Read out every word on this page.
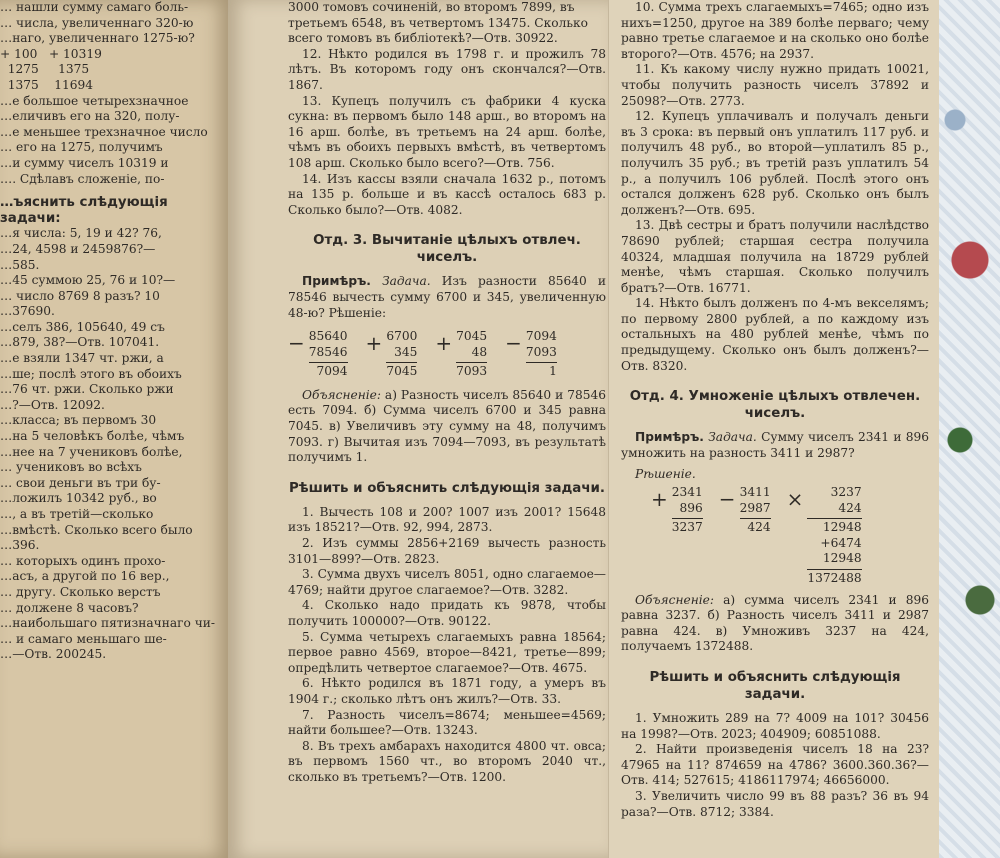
… нашли сумму самаго боль-
… числа, увеличеннаго 320-ю
…наго, увеличеннаго 1275-ю?
+ 100   + 10319
1275     1375
1375    11694
…е большое четырехзначное
…еличивъ его на 320, полу-
…е меньшее трехзначное число
… его на 1275, получимъ
…и сумму чиселъ 10319 и
…. Сдѣлавъ сложеніе, по-
…ъяснить слѣдующія
задачи:
…я числа: 5, 19 и 42? 76,
…24, 4598 и 2459876?—
…585.
…45 суммою 25, 76 и 10?—
… число 8769 8 разъ? 10
…37690.
…селъ 386, 105640, 49 съ
…879, 38?—Отв. 107041.
…е взяли 1347 чт. ржи, а
…ше; послѣ этого въ обоихъ
…76 чт. ржи. Сколько ржи
…?—Отв. 12092.
…класса; въ первомъ 30
…на 5 человѣкъ болѣе, чѣмъ
…нее на 7 учениковъ болѣе,
… учениковъ во всѣхъ
… свои деньги въ три бу-
…ложилъ 10342 руб., во
…, а въ третій—сколько
…вмѣстѣ. Сколько всего было
…396.
… которыхъ одинъ прохо-
…асъ, а другой по 16 вер.,
… другу. Сколько верстъ
… должене 8 часовъ?
…наибольшаго пятизначнаго чи-
… и самаго меньшаго ше-
…—Отв. 200245.

3000 томовъ сочиненій, во второмъ 7899, въ

третьемъ 6548, въ четвертомъ 13475. Сколько

всего томовъ въ библіотекѣ?—Отв. 30922.

12. Нѣкто родился въ 1798 г. и прожилъ 78 лѣтъ. Въ которомъ году онъ скончался?—Отв. 1867.

13. Купецъ получилъ съ фабрики 4 куска сукна: въ первомъ было 148 арш., во второмъ на 16 арш. болѣе, въ третьемъ на 24 арш. болѣе, чѣмъ въ обоихъ первыхъ вмѣстѣ, въ четвертомъ 108 арш. Сколько было всего?—Отв. 756.

14. Изъ кассы взяли сначала 1632 р., потомъ на 135 р. больше и въ кассѣ осталось 683 р. Сколько было?—Отв. 4082.

Отд. 3. Вычитаніе цѣлыхъ отвлеч. чиселъ.

Примѣръ. Задача. Изъ разности 85640 и 78546 вычесть сумму 6700 и 345, увеличенную 48-ю? Рѣшеніе:

− 85640
78546
7094
+ 6700
345
7045
+ 7045
48
7093
− 7094
7093
1

Объясненіе: а) Разность чиселъ 85640 и 78546 есть 7094. б) Сумма чиселъ 6700 и 345 равна 7045. в) Увеличивъ эту сумму на 48, получимъ 7093. г) Вычитая изъ 7094—7093, въ результатѣ получимъ 1.

Рѣшить и объяснить слѣдующія задачи.

1. Вычесть 108 и 200? 1007 изъ 2001? 15648 изъ 18521?—Отв. 92, 994, 2873.

2. Изъ суммы 2856+2169 вычесть разность 3101—899?—Отв. 2823.

3. Сумма двухъ чиселъ 8051, одно слагаемое—4769; найти другое слагаемое?—Отв. 3282.

4. Сколько надо придать къ 9878, чтобы получить 100000?—Отв. 90122.

5. Сумма четырехъ слагаемыхъ равна 18564; первое равно 4569, второе—8421, третье—899; опредѣлить четвертое слагаемое?—Отв. 4675.

6. Нѣкто родился въ 1871 году, а умеръ въ 1904 г.; сколько лѣтъ онъ жилъ?—Отв. 33.

7. Разность чиселъ=8674; меньшее=4569; найти большее?—Отв. 13243.

8. Въ трехъ амбарахъ находится 4800 чт. овса; въ первомъ 1560 чт., во второмъ 2040 чт., сколько въ третьемъ?—Отв. 1200.

10. Сумма трехъ слагаемыхъ=7465; одно изъ нихъ=1250, другое на 389 болѣе перваго; чему равно третье слагаемое и на сколько оно болѣе второго?—Отв. 4576; на 2937.

11. Къ какому числу нужно придать 10021, чтобы получить разность чиселъ 37892 и 25098?—Отв. 2773.

12. Купецъ уплачивалъ и получалъ деньги въ 3 срока: въ первый онъ уплатилъ 117 руб. и получилъ 48 руб., во второй—уплатилъ 85 р., получилъ 35 руб.; въ третій разъ уплатилъ 54 р., а получилъ 106 рублей. Послѣ этого онъ остался долженъ 628 руб. Сколько онъ былъ долженъ?—Отв. 695.

13. Двѣ сестры и братъ получили наслѣдство 78690 рублей; старшая сестра получила 40324, младшая получила на 18729 рублей менѣе, чѣмъ старшая. Сколько получилъ братъ?—Отв. 16771.

14. Нѣкто былъ долженъ по 4-мъ векселямъ; по первому 2800 рублей, а по каждому изъ остальныхъ на 480 рублей менѣе, чѣмъ по предыдущему. Сколько онъ былъ долженъ?—Отв. 8320.

Отд. 4. Умноженіе цѣлыхъ отвлечен. чиселъ.

Примѣръ. Задача. Сумму чиселъ 2341 и 896 умножить на разность 3411 и 2987?

Рѣшеніе.
+ 2341
896
3237
− 3411
2987
424
×	3237
424
12948
+6474
12948
1372488

Объясненіе: а) сумма чиселъ 2341 и 896 равна 3237. б) Разность чиселъ 3411 и 2987 равна 424. в) Умноживъ 3237 на 424, получаемъ 1372488.

Рѣшить и объяснить слѣдующія задачи.

1. Умножить 289 на 7? 4009 на 101? 30456 на 1998?—Отв. 2023; 404909; 60851088.

2. Найти произведенія чиселъ 18 на 23? 47965 на 11? 874659 на 4786? 3600.360.36?—Отв. 414; 527615; 4186117974; 46656000.

3. Увеличить число 99 въ 88 разъ? 36 въ 94 раза?—Отв. 8712; 3384.
